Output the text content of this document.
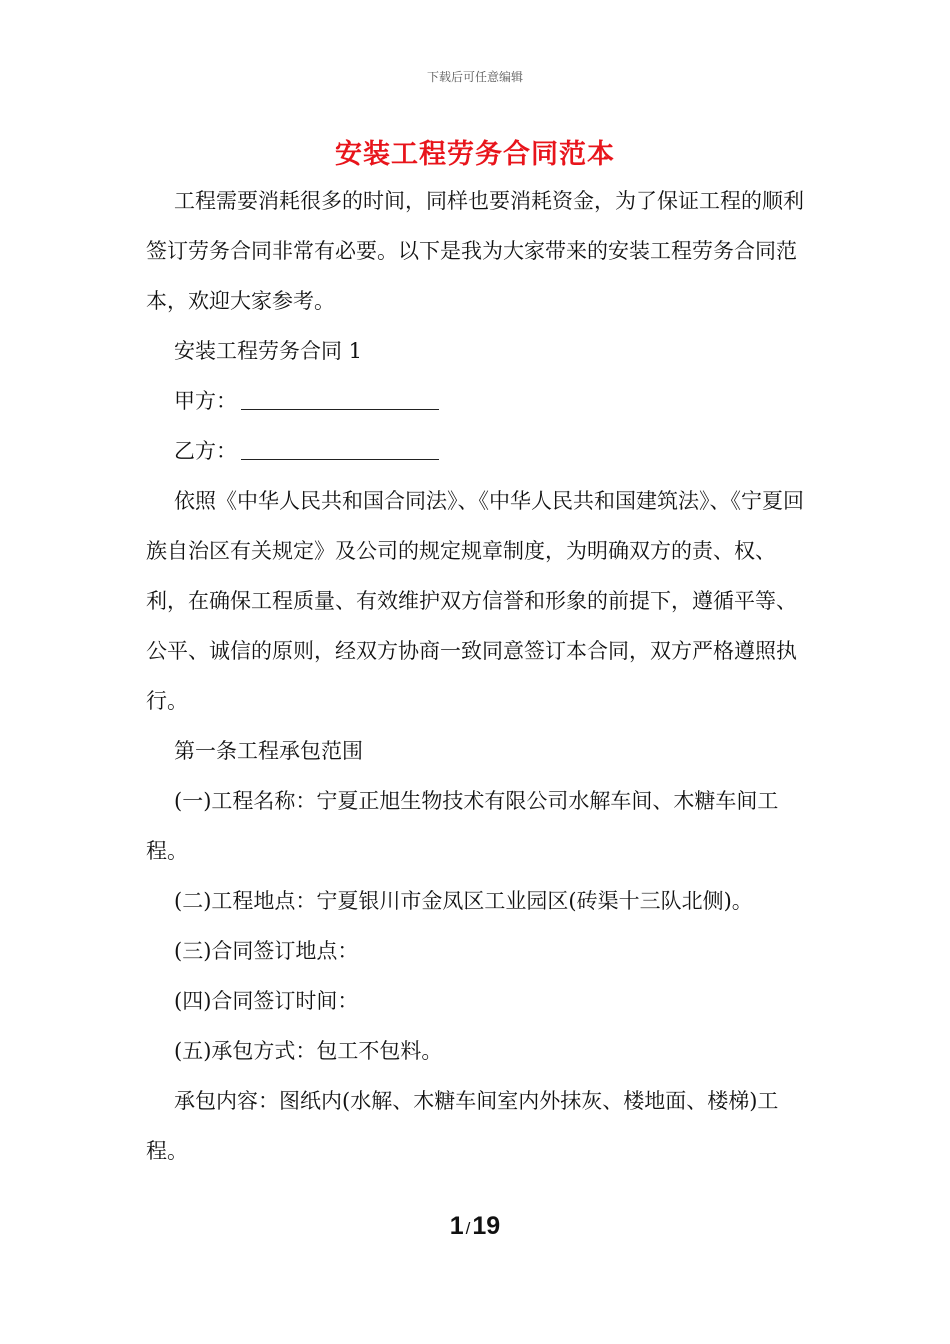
下载后可任意编辑
安装工程劳务合同范本

工程需要消耗很多的时间，同样也要消耗资金，为了保证工程的顺利签订劳务合同非常有必要。以下是我为大家带来的安装工程劳务合同范本，欢迎大家参考。

安装工程劳务合同 1

甲方：

乙方：

依照《中华人民共和国合同法》、《中华人民共和国建筑法》、《宁夏回族自治区有关规定》及公司的规定规章制度，为明确双方的责、权、利，在确保工程质量、有效维护双方信誉和形象的前提下，遵循平等、公平、诚信的原则，经双方协商一致同意签订本合同，双方严格遵照执行。

第一条工程承包范围

(一)工程名称：宁夏正旭生物技术有限公司水解车间、木糖车间工程。

(二)工程地点：宁夏银川市金凤区工业园区(砖渠十三队北侧)。

(三)合同签订地点：

(四)合同签订时间：

(五)承包方式：包工不包料。

承包内容：图纸内(水解、木糖车间室内外抹灰、楼地面、楼梯)工程。

1 /19
